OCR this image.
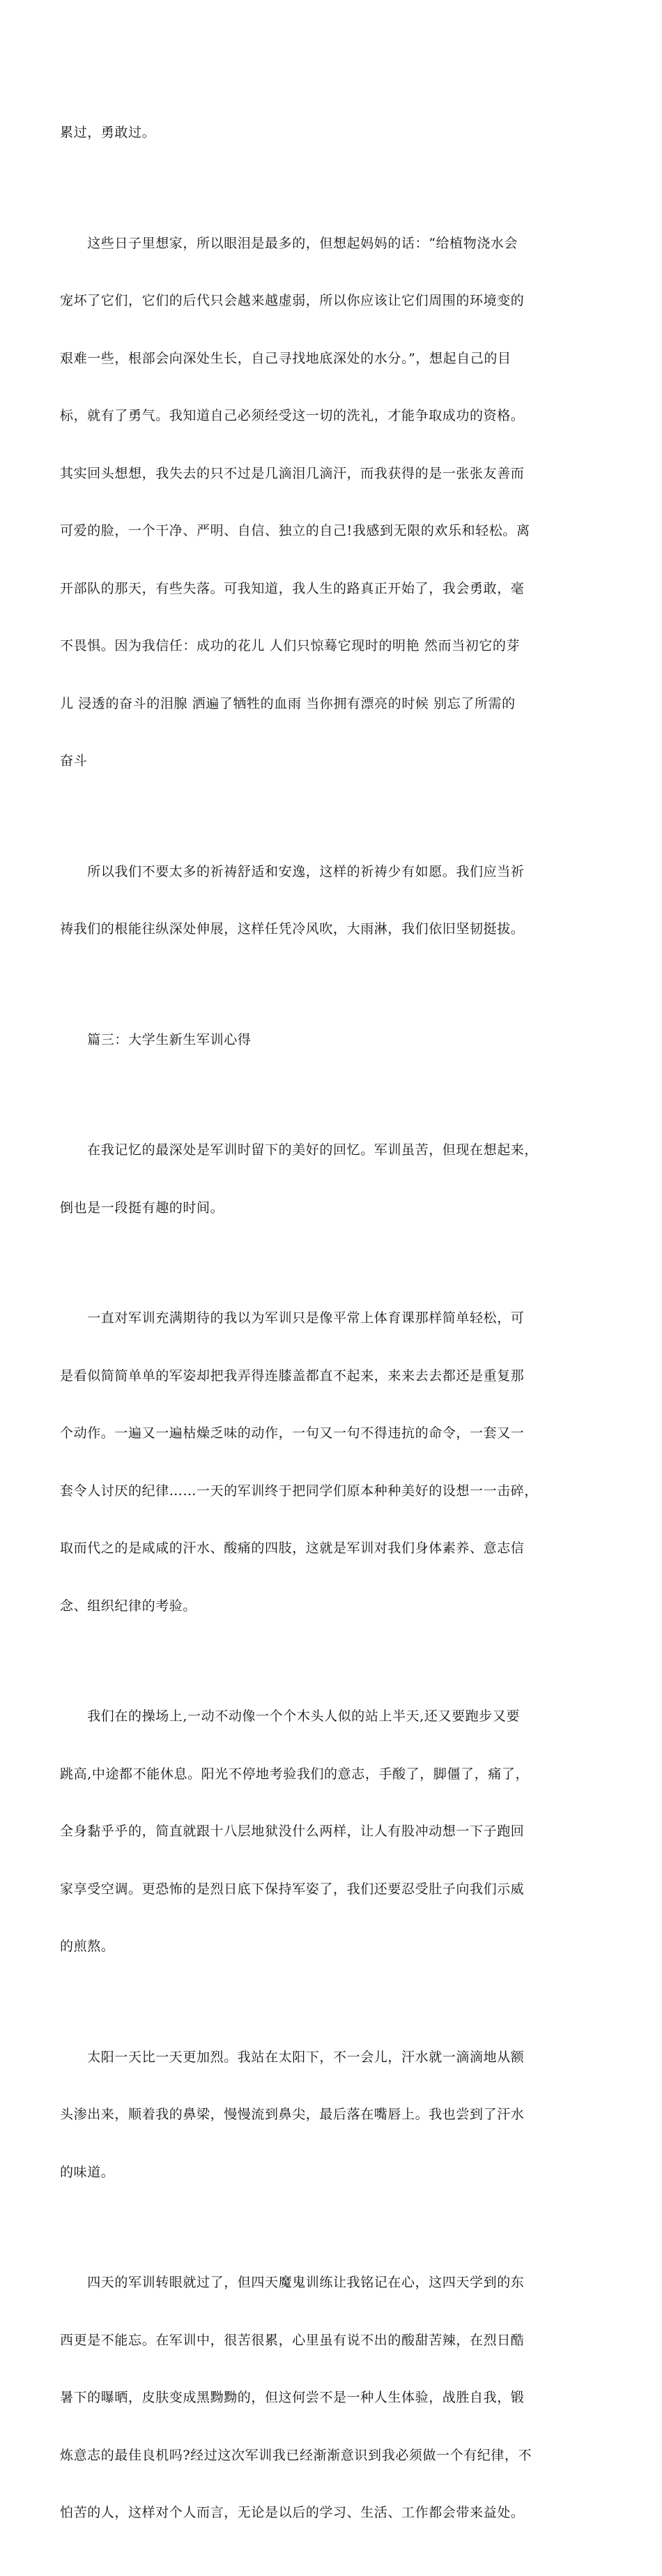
累过，勇敢过。

　　这些日子里想家，所以眼泪是最多的，但想起妈妈的话：“给植物浇水会

宠坏了它们，它们的后代只会越来越虚弱，所以你应该让它们周围的环境变的

艰难一些，根部会向深处生长，自己寻找地底深处的水分。”，想起自己的目

标，就有了勇气。我知道自己必须经受这一切的洗礼，才能争取成功的资格。

其实回头想想，我失去的只不过是几滴泪几滴汗，而我获得的是一张张友善而

可爱的脸，一个干净、严明、自信、独立的自己!我感到无限的欢乐和轻松。离

开部队的那天，有些失落。可我知道，我人生的路真正开始了，我会勇敢，毫

不畏惧。因为我信任：成功的花儿 人们只惊蓦它现时的明艳 然而当初它的芽

儿 浸透的奋斗的泪腺 洒遍了牺牲的血雨 当你拥有漂亮的时候 别忘了所需的

奋斗

　　所以我们不要太多的祈祷舒适和安逸，这样的祈祷少有如愿。我们应当祈

祷我们的根能往纵深处伸展，这样任凭冷风吹，大雨淋，我们依旧坚韧挺拔。

　　篇三：大学生新生军训心得

　　在我记忆的最深处是军训时留下的美好的回忆。军训虽苦，但现在想起来，

倒也是一段挺有趣的时间。

　　一直对军训充满期待的我以为军训只是像平常上体育课那样简单轻松，可

是看似简简单单的军姿却把我弄得连膝盖都直不起来，来来去去都还是重复那

个动作。一遍又一遍枯燥乏味的动作，一句又一句不得违抗的命令，一套又一

套令人讨厌的纪律……一天的军训终于把同学们原本种种美好的设想一一击碎，

取而代之的是咸咸的汗水、酸痛的四肢，这就是军训对我们身体素养、意志信

念、组织纪律的考验。

　　我们在的操场上,一动不动像一个个木头人似的站上半天,还又要跑步又要

跳高,中途都不能休息。阳光不停地考验我们的意志，手酸了，脚僵了，痛了，

全身黏乎乎的，简直就跟十八层地狱没什么两样，让人有股冲动想一下子跑回

家享受空调。更恐怖的是烈日底下保持军姿了，我们还要忍受肚子向我们示威

的煎熬。

　　太阳一天比一天更加烈。我站在太阳下，不一会儿，汗水就一滴滴地从额

头渗出来，顺着我的鼻梁，慢慢流到鼻尖，最后落在嘴唇上。我也尝到了汗水

的味道。

　　四天的军训转眼就过了，但四天魔鬼训练让我铭记在心，这四天学到的东

西更是不能忘。在军训中，很苦很累，心里虽有说不出的酸甜苦辣，在烈日酷

暑下的曝晒，皮肤变成黑黝黝的，但这何尝不是一种人生体验，战胜自我，锻

炼意志的最佳良机吗?经过这次军训我已经渐渐意识到我必须做一个有纪律，不

怕苦的人，这样对个人而言，无论是以后的学习、生活、工作都会带来益处。
